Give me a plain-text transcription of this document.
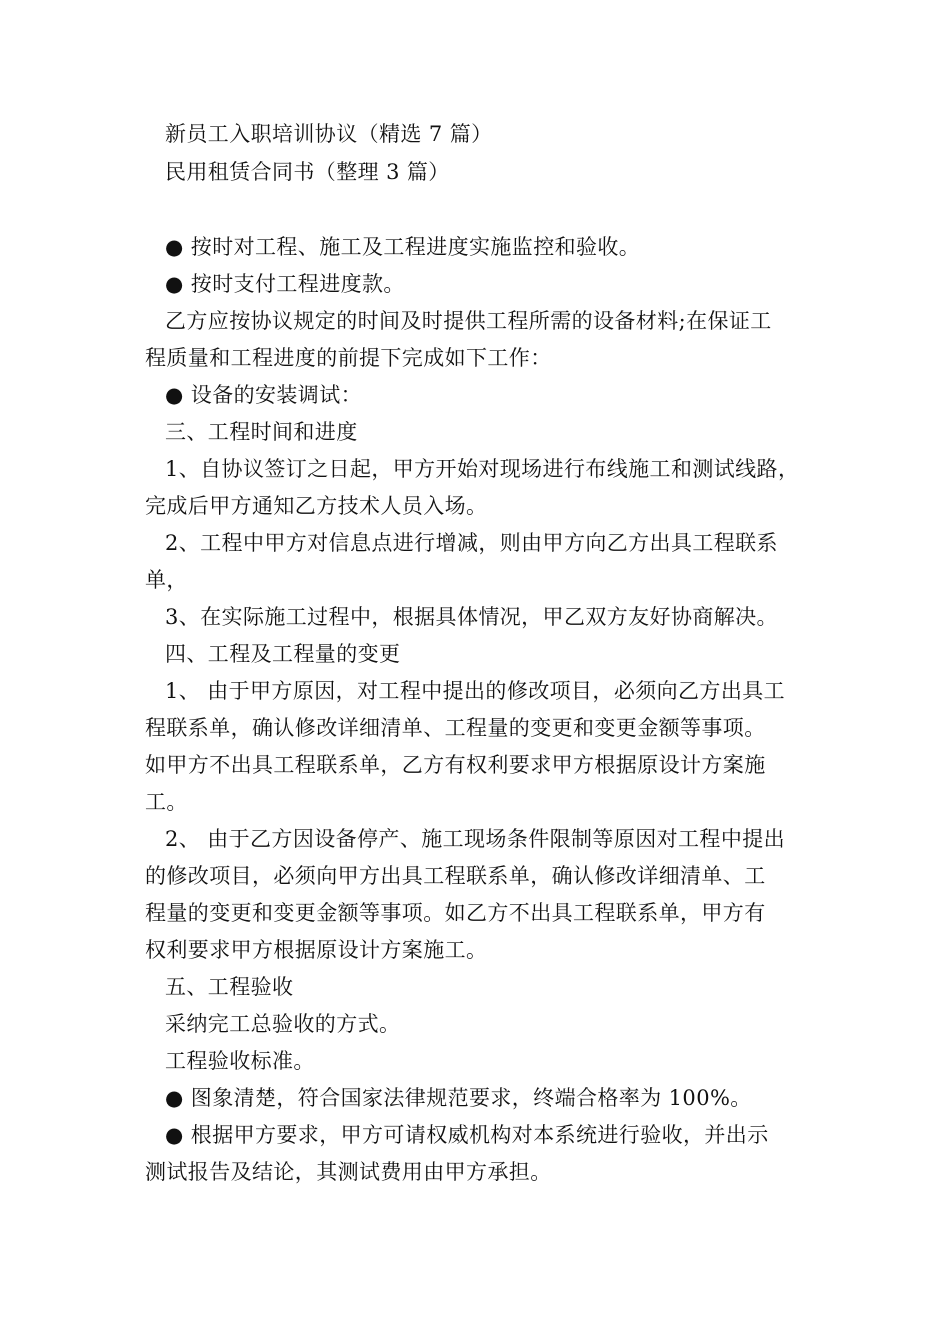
新员工入职培训协议（精选 7 篇）
民用租赁合同书（整理 3 篇）
● 按时对工程、施工及工程进度实施监控和验收。
● 按时支付工程进度款。
乙方应按协议规定的时间及时提供工程所需的设备材料;在保证工
程质量和工程进度的前提下完成如下工作：
● 设备的安装调试：
三、工程时间和进度
1、自协议签订之日起，甲方开始对现场进行布线施工和测试线路，
完成后甲方通知乙方技术人员入场。
2、工程中甲方对信息点进行增减，则由甲方向乙方出具工程联系
单，
3、在实际施工过程中，根据具体情况，甲乙双方友好协商解决。
四、工程及工程量的变更
1、 由于甲方原因，对工程中提出的修改项目，必须向乙方出具工
程联系单，确认修改详细清单、工程量的变更和变更金额等事项。
如甲方不出具工程联系单，乙方有权利要求甲方根据原设计方案施
工。
2、 由于乙方因设备停产、施工现场条件限制等原因对工程中提出
的修改项目，必须向甲方出具工程联系单，确认修改详细清单、工
程量的变更和变更金额等事项。如乙方不出具工程联系单，甲方有
权利要求甲方根据原设计方案施工。
五、工程验收
采纳完工总验收的方式。
工程验收标准。
● 图象清楚，符合国家法律规范要求，终端合格率为 100%。
● 根据甲方要求，甲方可请权威机构对本系统进行验收，并出示
测试报告及结论，其测试费用由甲方承担。
